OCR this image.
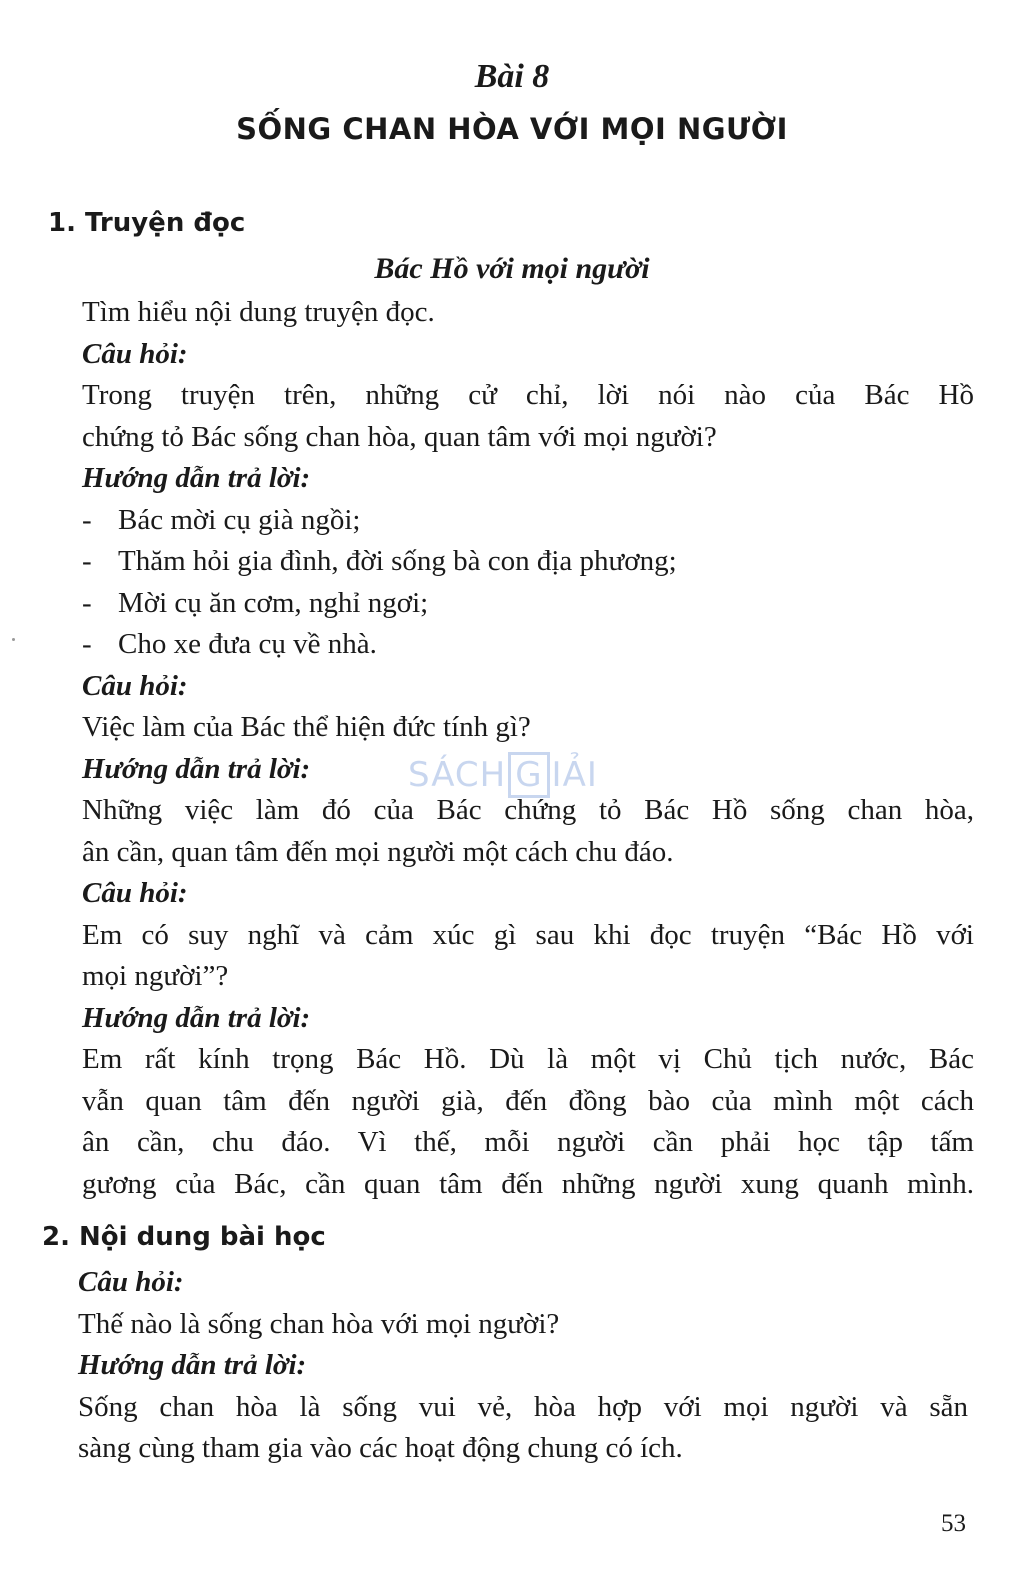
Bài 8
SỐNG CHAN HÒA VỚI MỌI NGƯỜI
1. Truyện đọc
Bác Hồ với mọi người
Tìm hiểu nội dung truyện đọc.
Câu hỏi:
Trong truyện trên, những cử chỉ, lời nói nào của Bác Hồ
chứng tỏ Bác sống chan hòa, quan tâm với mọi người?
Hướng dẫn trả lời:
- Bác mời cụ già ngồi;
- Thăm hỏi gia đình, đời sống bà con địa phương;
- Mời cụ ăn cơm, nghỉ ngơi;
- Cho xe đưa cụ về nhà.
Câu hỏi:
Việc làm của Bác thể hiện đức tính gì?
Hướng dẫn trả lời:
Những việc làm đó của Bác chứng tỏ Bác Hồ sống chan hòa,
ân cần, quan tâm đến mọi người một cách chu đáo.
Câu hỏi:
Em có suy nghĩ và cảm xúc gì sau khi đọc truyện “Bác Hồ với
mọi người”?
Hướng dẫn trả lời:
Em rất kính trọng Bác Hồ. Dù là một vị Chủ tịch nước, Bác
vẫn quan tâm đến người già, đến đồng bào của mình một cách
ân cần, chu đáo. Vì thế, mỗi người cần phải học tập tấm
gương của Bác, cần quan tâm đến những người xung quanh mình.
2. Nội dung bài học
Câu hỏi:
Thế nào là sống chan hòa với mọi người?
Hướng dẫn trả lời:
Sống chan hòa là sống vui vẻ, hòa hợp với mọi người và sẵn
sàng cùng tham gia vào các hoạt động chung có ích.
SÁCH G IẢI
53
